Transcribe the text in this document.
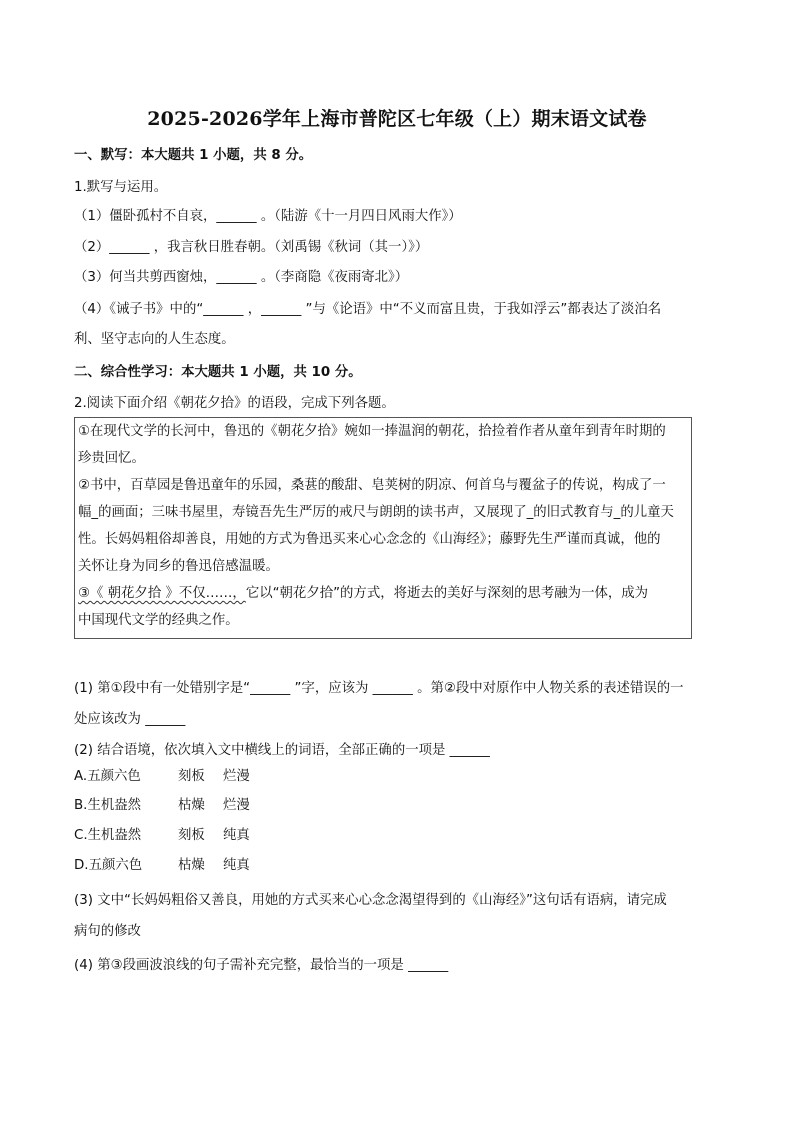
2025-2026学年上海市普陀区七年级（上）期末语文试卷
一、默写：本大题共 1 小题，共 8 分。
1.默写与运用。
（1）僵卧孤村不自哀，______ 。（陆游《十一月四日风雨大作》）
（2）______ ，我言秋日胜春朝。（刘禹锡《秋词（其一）》）
（3）何当共剪西窗烛，______ 。（李商隐《夜雨寄北》）
（4）《诫子书》中的“______ ，______ ”与《论语》中“不义而富且贵，于我如浮云”都表达了淡泊名
利、坚守志向的人生态度。
二、综合性学习：本大题共 1 小题，共 10 分。
2.阅读下面介绍《朝花夕拾》的语段，完成下列各题。
①在现代文学的长河中，鲁迅的《朝花夕拾》婉如一捧温润的朝花，拾捡着作者从童年到青年时期的
珍贵回忆。
②书中，百草园是鲁迅童年的乐园，桑葚的酸甜、皂荚树的阴凉、何首乌与覆盆子的传说，构成了一
幅_的画面；三味书屋里，寿镜吾先生严厉的戒尺与朗朗的读书声，又展现了_的旧式教育与_的儿童天
性。长妈妈粗俗却善良，用她的方式为鲁迅买来心心念念的《山海经》；藤野先生严谨而真诚，他的
关怀让身为同乡的鲁迅倍感温暖。
③《 朝花夕拾 》不仅……，它以“朝花夕拾”的方式，将逝去的美好与深刻的思考融为一体，成为
中国现代文学的经典之作。
(1) 第①段中有一处错别字是“______ ”字，应该为 ______ 。第②段中对原作中人物关系的表述错误的一
处应该改为 ______
(2) 结合语境，依次填入文中横线上的词语，全部正确的一项是 ______
A.五颜六色	刻板 烂漫
B.生机盎然	枯燥 烂漫
C.生机盎然	刻板 纯真
D.五颜六色	枯燥 纯真
(3) 文中“长妈妈粗俗又善良，用她的方式买来心心念念渴望得到的《山海经》”这句话有语病，请完成
病句的修改
(4) 第③段画波浪线的句子需补充完整，最恰当的一项是 ______
